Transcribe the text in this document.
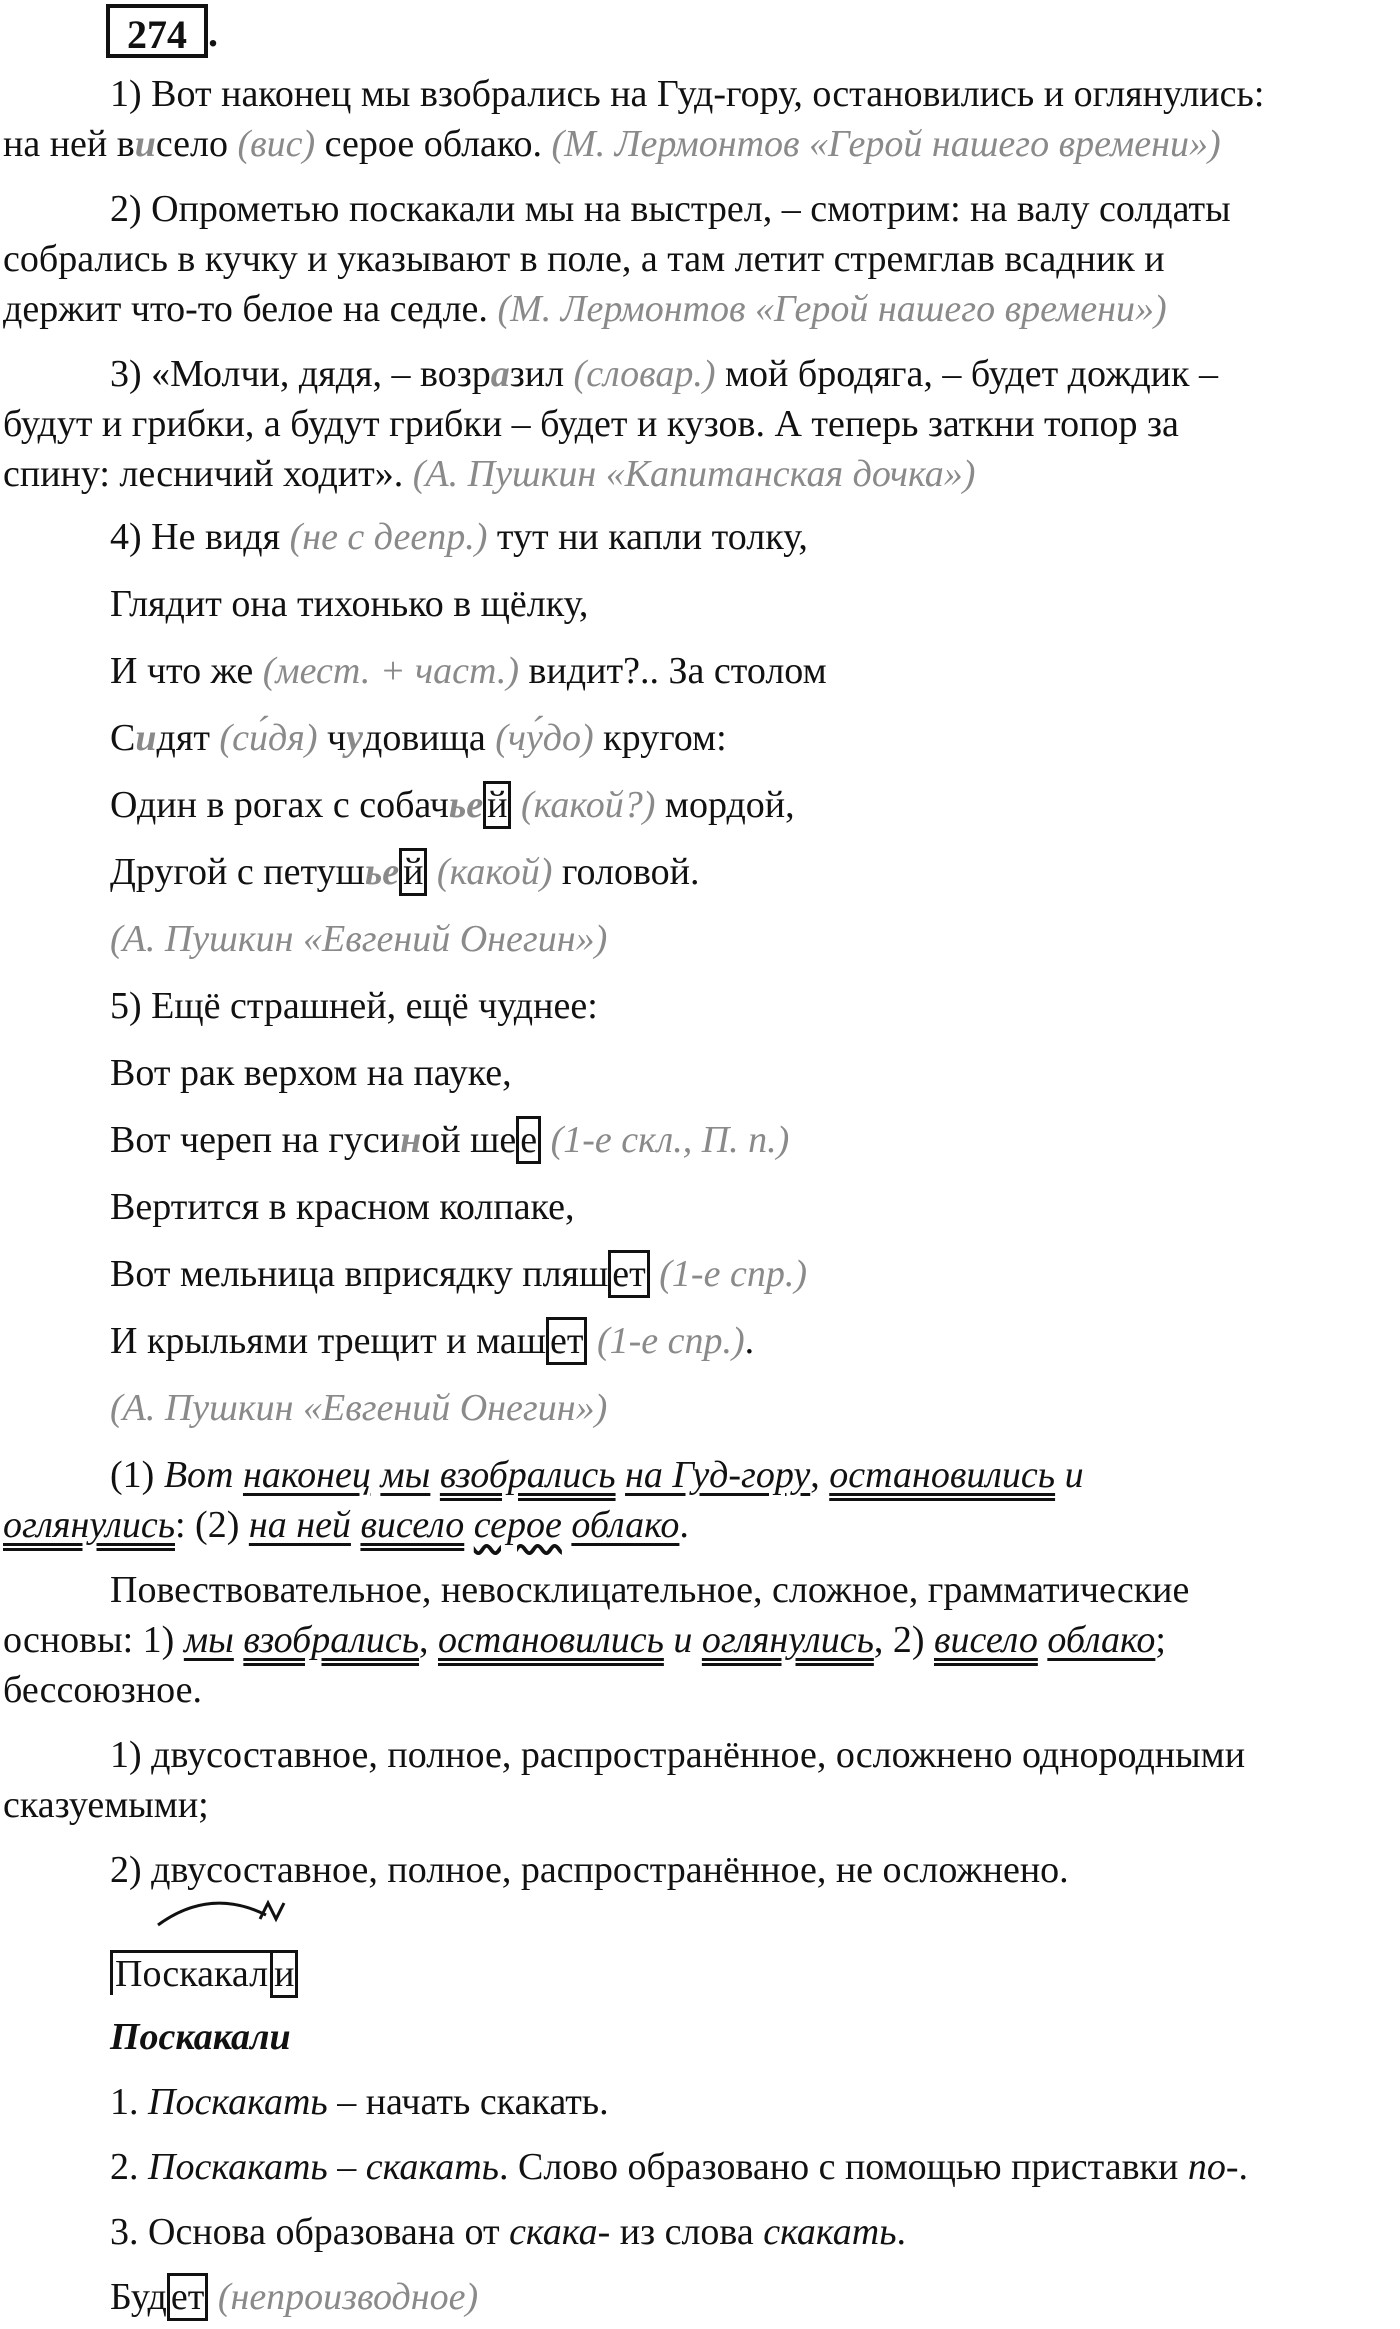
274 .
1) Вот наконец мы взобрались на Гуд-гору, остановились и оглянулись:
на ней висело (вис) серое облако. (М. Лермонтов «Герой нашего времени»)
2) Опрометью поскакали мы на выстрел, – смотрим: на валу солдаты
собрались в кучку и указывают в поле, а там летит стремглав всадник и
держит что-то белое на седле. (М. Лермонтов «Герой нашего времени»)
3) «Молчи, дядя, – возразил (словар.) мой бродяга, – будет дождик –
будут и грибки, а будут грибки – будет и кузов. А теперь заткни топор за
спину: лесничий ходит». (А. Пушкин «Капитанская дочка»)
4) Не видя (не с деепр.) тут ни капли толку,
Глядит она тихонько в щёлку,
И что же (мест. + част.) видит?.. За столом
Сидят (си́дя) чудовища (чу́до) кругом:
Один в рогах с собачье й (какой?) мордой,
Другой с петушье й (какой) головой.
(А. Пушкин «Евгений Онегин»)
5) Ещё страшней, ещё чуднее:
Вот рак верхом на пауке,
Вот череп на гусиной ше е (1-е скл., П. п.)
Вертится в красном колпаке,
Вот мельница вприсядку пляш ет (1-е спр.)
И крыльями трещит и маш ет (1-е спр.).
(А. Пушкин «Евгений Онегин»)
(1) Вот наконец мы взобрались на Гуд-гору, остановились и
оглянулись: (2) на ней висело серое облако.
Повествовательное, невосклицательное, сложное, грамматические
основы: 1) мы взобрались, остановились и оглянулись, 2) висело облако;
бессоюзное.
1) двусоставное, полное, распространённое, осложнено однородными
сказуемыми;
2) двусоставное, полное, распространённое, не осложнено.
Поскакал и
Поскакали
1. Поскакать – начать скакать.
2. Поскакать – скакать. Слово образовано с помощью приставки по-.
3. Основа образована от скака- из слова скакать.
Буд ет (непроизводное)
